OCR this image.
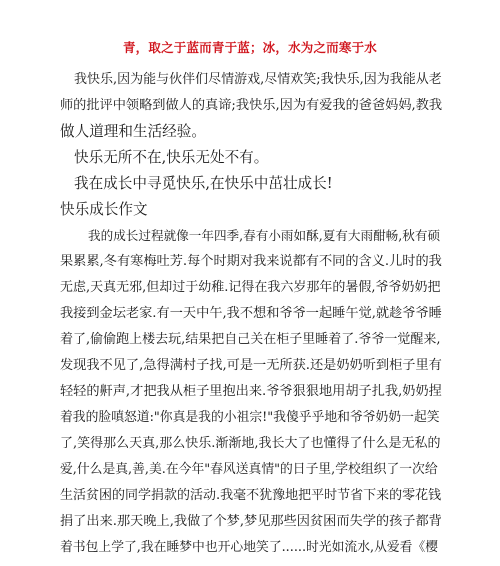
青，取之于蓝而青于蓝；冰，水为之而寒于水
我快乐,因为能与伙伴们尽情游戏,尽情欢笑;我快乐,因为我能从老
师的批评中领略到做人的真谛;我快乐,因为有爱我的爸爸妈妈,教我
做人道理和生活经验。
快乐无所不在,快乐无处不有。
我在成长中寻觅快乐,在快乐中茁壮成长!
快乐成长作文
我的成长过程就像一年四季,春有小雨如酥,夏有大雨酣畅,秋有硕
果累累,冬有寒梅吐芳.每个时期对我来说都有不同的含义.儿时的我
无虑,天真无邪,但却过于幼稚.记得在我六岁那年的暑假,爷爷奶奶把
我接到金坛老家.有一天中午,我不想和爷爷一起睡午觉,就趁爷爷睡
着了,偷偷跑上楼去玩,结果把自己关在柜子里睡着了.爷爷一觉醒来,
发现我不见了,急得满村子找,可是一无所获.还是奶奶听到柜子里有
轻轻的鼾声,才把我从柜子里抱出来.爷爷狠狠地用胡子扎我,奶奶捏
着我的脸嗔怒道:"你真是我的小祖宗!"我傻乎乎地和爷爷奶奶一起笑
了,笑得那么天真,那么快乐.渐渐地,我长大了也懂得了什么是无私的
爱,什么是真,善,美.在今年"春风送真情"的日子里,学校组织了一次给
生活贫困的同学捐款的活动.我毫不犹豫地把平时节省下来的零花钱
捐了出来.那天晚上,我做了个梦,梦见那些因贫困而失学的孩子都背
着书包上学了,我在睡梦中也开心地笑了......时光如流水,从爱看《樱
